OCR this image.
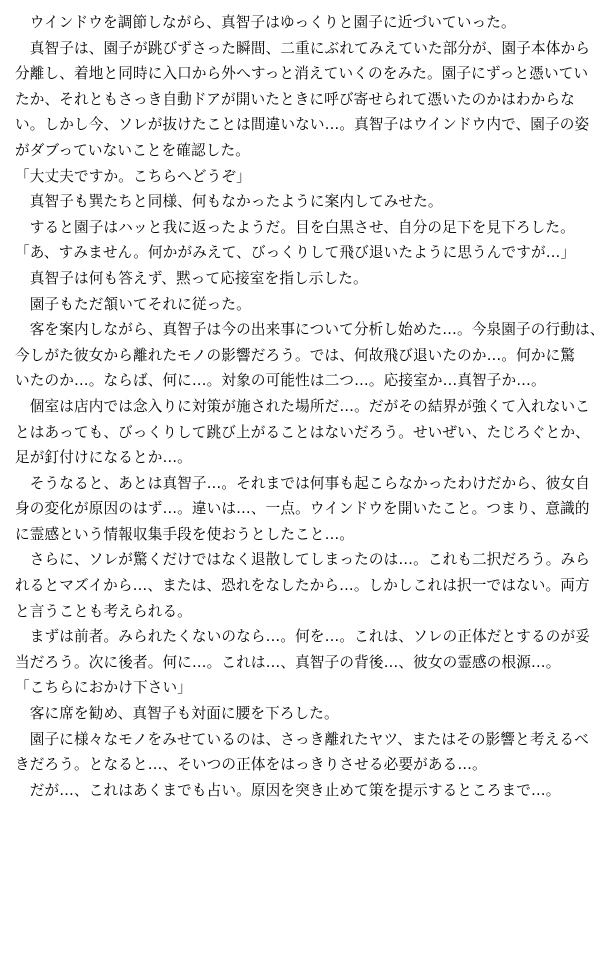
　ウインドウを調節しながら、真智子はゆっくりと園子に近づいていった。
　真智子は、園子が跳びずさった瞬間、二重にぶれてみえていた部分が、園子本体から
分離し、着地と同時に入口から外へすっと消えていくのをみた。園子にずっと憑いてい
たか、それともさっき自動ドアが開いたときに呼び寄せられて憑いたのかはわからな
い。しかし今、ソレが抜けたことは間違いない…。真智子はウインドウ内で、園子の姿
がダブっていないことを確認した。
「大丈夫ですか。こちらへどうぞ」
　真智子も巽たちと同様、何もなかったように案内してみせた。
　すると園子はハッと我に返ったようだ。目を白黒させ、自分の足下を見下ろした。
「あ、すみません。何かがみえて、びっくりして飛び退いたように思うんですが…」
　真智子は何も答えず、黙って応接室を指し示した。
　園子もただ頷いてそれに従った。
　客を案内しながら、真智子は今の出来事について分析し始めた…。今泉園子の行動は、
今しがた彼女から離れたモノの影響だろう。では、何故飛び退いたのか…。何かに驚
いたのか…。ならば、何に…。対象の可能性は二つ…。応接室か…真智子か…。
　個室は店内では念入りに対策が施された場所だ…。だがその結界が強くて入れないこ
とはあっても、びっくりして跳び上がることはないだろう。せいぜい、たじろぐとか、
足が釘付けになるとか…。
　そうなると、あとは真智子…。それまでは何事も起こらなかったわけだから、彼女自
身の変化が原因のはず…。違いは…、一点。ウインドウを開いたこと。つまり、意識的
に霊感という情報収集手段を使おうとしたこと…。
　さらに、ソレが驚くだけではなく退散してしまったのは…。これも二択だろう。みら
れるとマズイから…、または、恐れをなしたから…。しかしこれは択一ではない。両方
と言うことも考えられる。
　まずは前者。みられたくないのなら…。何を…。これは、ソレの正体だとするのが妥
当だろう。次に後者。何に…。これは…、真智子の背後…、彼女の霊感の根源…。
「こちらにおかけ下さい」
　客に席を勧め、真智子も対面に腰を下ろした。
　園子に様々なモノをみせているのは、さっき離れたヤツ、またはその影響と考えるべ
きだろう。となると…、そいつの正体をはっきりさせる必要がある…。
　だが…、これはあくまでも占い。原因を突き止めて策を提示するところまで…。
